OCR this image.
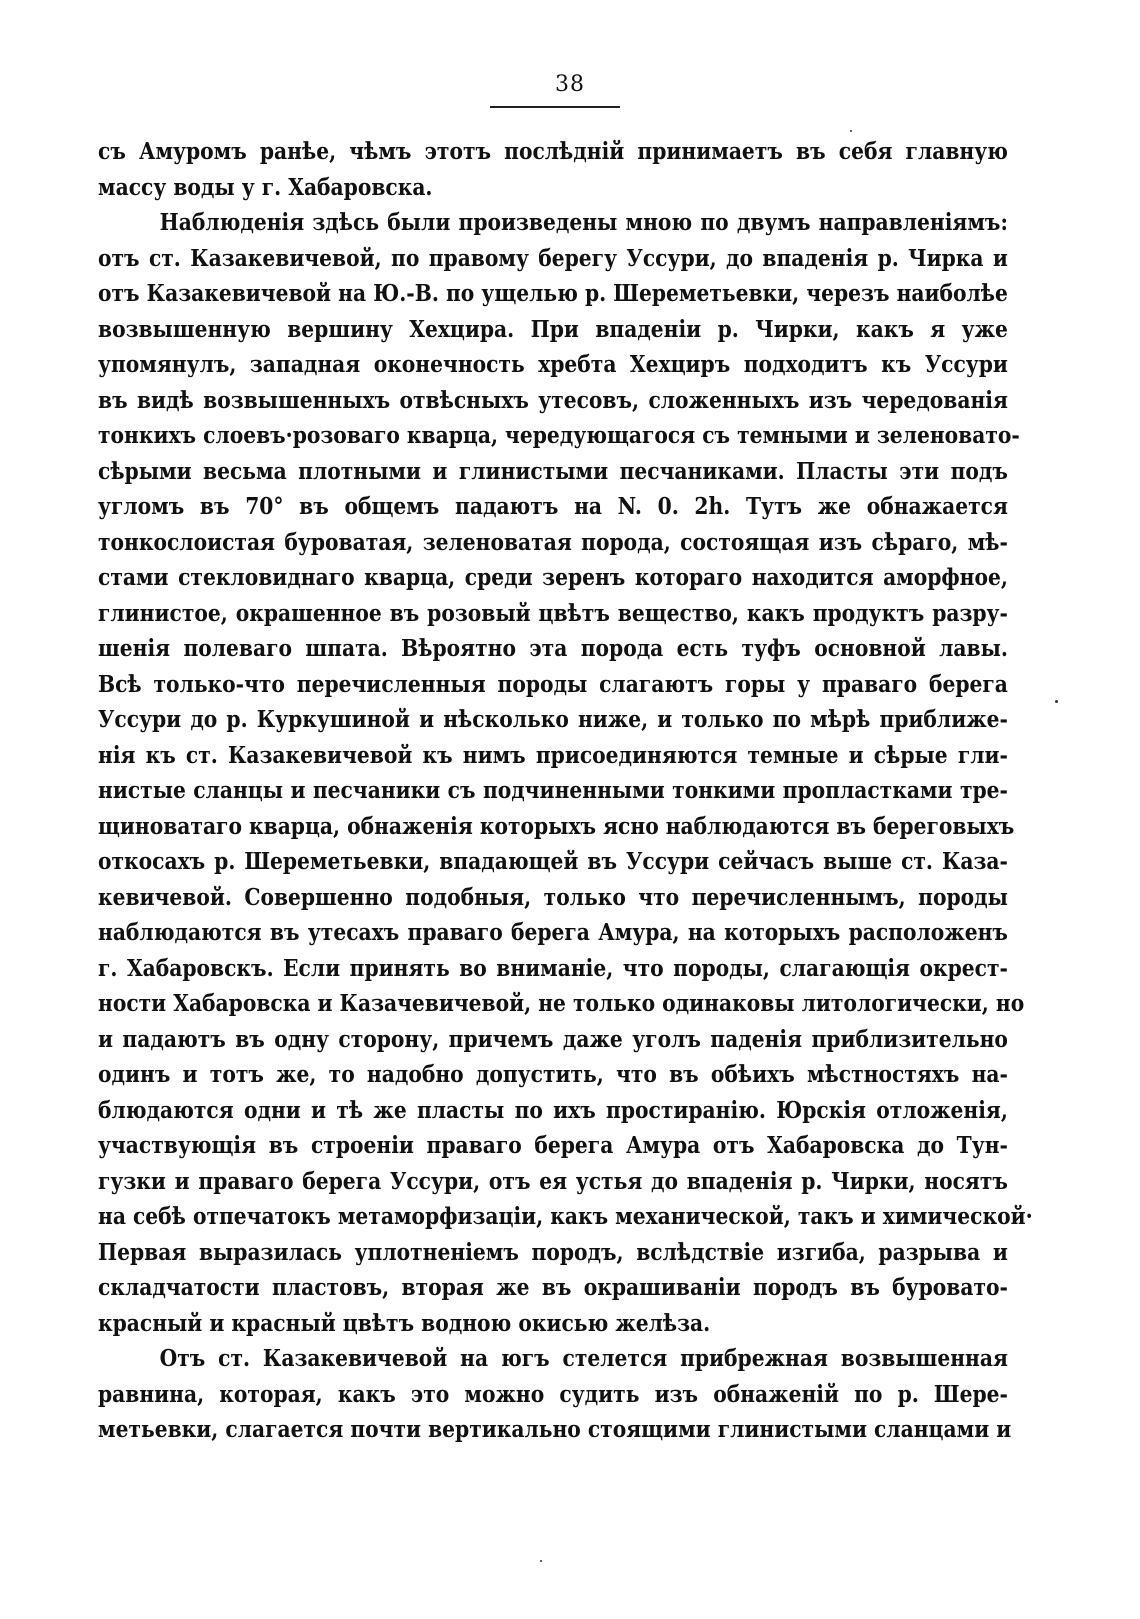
38
съ Амуромъ ранѣе, чѣмъ этотъ послѣднiй принимаетъ въ себя главную
массу воды у г. Хабаровска.
Наблюденiя здѣсь были произведены мною по двумъ направленiямъ:
отъ ст. Казакевичевой, по правому берегу Уссури, до впаденiя р. Чирка и
отъ Казакевичевой на Ю.-В. по ущелью р. Шереметьевки, черезъ наиболѣе
возвышенную вершину Хехцира. При впаденiи р. Чирки, какъ я уже
упомянулъ, западная оконечность хребта Хехциръ подходитъ къ Уссури
въ видѣ возвышенныхъ отвѣсныхъ утесовъ, сложенныхъ изъ чередованiя
тонкихъ слоевъ·розоваго кварца, чередующагося съ темными и зеленовато-
сѣрыми весьма плотными и глинистыми песчаниками. Пласты эти подъ
угломъ въ 70° въ общемъ падаютъ на N. 0. 2h. Тутъ же обнажается
тонкослоистая буроватая, зеленоватая порода, состоящая изъ сѣраго, мѣ-
стами стекловиднаго кварца, среди зеренъ котораго находится аморфное,
глинистое, окрашенное въ розовый цвѣтъ вещество, какъ продуктъ разру-
шенiя полеваго шпата. Вѣроятно эта порода есть туфъ основной лавы.
Всѣ только-что перечисленныя породы слагаютъ горы у праваго берега
Уссури до р. Куркушиной и нѣсколько ниже, и только по мѣрѣ приближе-
нiя къ ст. Казакевичевой къ нимъ присоединяются темные и сѣрые гли-
нистые сланцы и песчаники съ подчиненными тонкими пропластками тре-
щиноватаго кварца, обнаженiя которыхъ ясно наблюдаются въ береговыхъ
откосахъ р. Шереметьевки, впадающей въ Уссури сейчасъ выше ст. Каза-
кевичевой. Совершенно подобныя, только что перечисленнымъ, породы
наблюдаются въ утесахъ праваго берега Амура, на которыхъ расположенъ
г. Хабаровскъ. Если принять во вниманiе, что породы, слагающiя окрест-
ности Хабаровска и Казачевичевой, не только одинаковы литологически, но
и падаютъ въ одну сторону, причемъ даже уголъ паденiя приблизительно
одинъ и тотъ же, то надобно допустить, что въ обѣихъ мѣстностяхъ на-
блюдаются одни и тѣ же пласты по ихъ простиранiю. Юрскiя отложенiя,
участвующiя въ строенiи праваго берега Амура отъ Хабаровска до Тун-
гузки и праваго берега Уссури, отъ ея устья до впаденiя р. Чирки, носятъ
на себѣ отпечатокъ метаморфизацiи, какъ механической, такъ и химической·
Первая выразилась уплотненiемъ породъ, вслѣдствiе изгиба, разрыва и
складчатости пластовъ, вторая же въ окрашиванiи породъ въ буровато-
красный и красный цвѣтъ водною окисью желѣза.
Отъ ст. Казакевичевой на югъ стелется прибрежная возвышенная
равнина, которая, какъ это можно судить изъ обнаженiй по р. Шере-
метьевки, слагается почти вертикально стоящими глинистыми сланцами и
